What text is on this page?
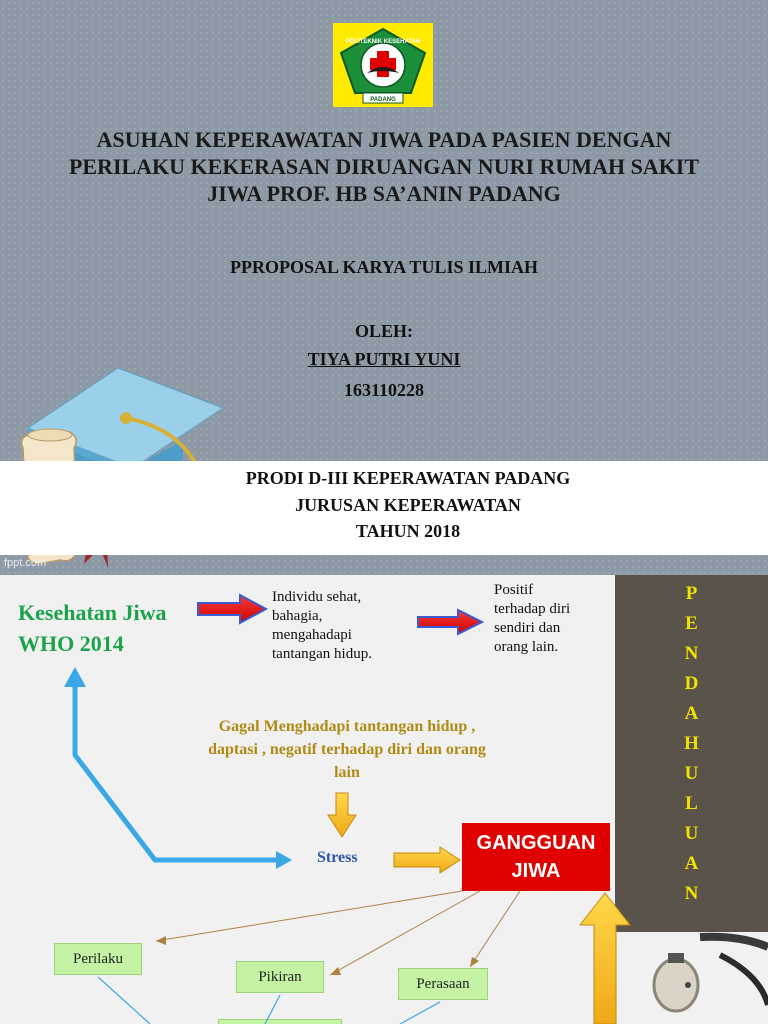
POLITEKNIK KESEHATAN
PADANG

ASUHAN KEPERAWATAN JIWA PADA PASIEN DENGAN PERILAKU KEKERASAN DIRUANGAN NURI RUMAH SAKIT JIWA PROF. HB SA’ANIN PADANG

PPROPOSAL KARYA TULIS ILMIAH
OLEH:
TIYA PUTRI YUNI
163110228
PRODI D-III KEPERAWATAN PADANG
JURUSAN KEPERAWATAN
TAHUN 2018
fppt.com
Kesehatan Jiwa
WHO 2014
Individu sehat,
bahagia,
mengahadapi
tantangan hidup.
Positif
terhadap diri
sendiri dan
orang lain.
Gagal Menghadapi tantangan hidup ,
daptasi , negatif terhadap diri dan orang
lain
Stress
GANGGUAN
JIWA
P
E
N
D
A
H
U
L
U
A
N
Perilaku
Pikiran	Perasaan
